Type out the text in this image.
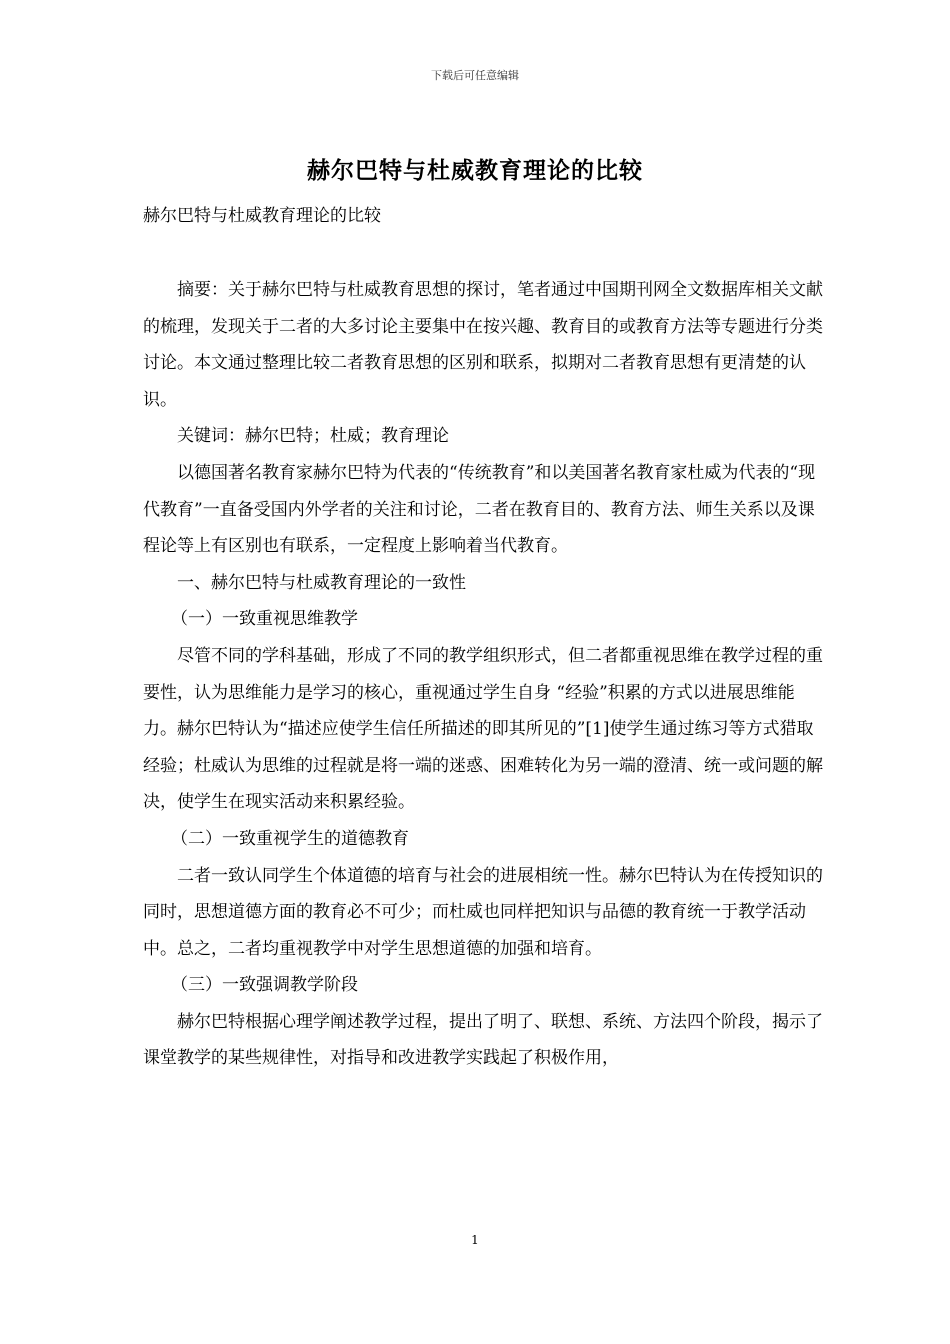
下载后可任意编辑
赫尔巴特与杜威教育理论的比较
赫尔巴特与杜威教育理论的比较

摘要：关于赫尔巴特与杜威教育思想的探讨，笔者通过中国期刊网全文数据库相关文献的梳理，发现关于二者的大多讨论主要集中在按兴趣、教育目的或教育方法等专题进行分类讨论。本文通过整理比较二者教育思想的区别和联系，拟期对二者教育思想有更清楚的认识。

关键词：赫尔巴特；杜威；教育理论

以德国著名教育家赫尔巴特为代表的“传统教育”和以美国著名教育家杜威为代表的“现代教育”一直备受国内外学者的关注和讨论，二者在教育目的、教育方法、师生关系以及课程论等上有区别也有联系，一定程度上影响着当代教育。

一、赫尔巴特与杜威教育理论的一致性

（一）一致重视思维教学

尽管不同的学科基础，形成了不同的教学组织形式，但二者都重视思维在教学过程的重要性，认为思维能力是学习的核心，重视通过学生自身 “经验”积累的方式以进展思维能力。赫尔巴特认为“描述应使学生信任所描述的即其所见的”[1]使学生通过练习等方式猎取经验；杜威认为思维的过程就是将一端的迷惑、困难转化为另一端的澄清、统一或问题的解决，使学生在现实活动来积累经验。

（二）一致重视学生的道德教育

二者一致认同学生个体道德的培育与社会的进展相统一性。赫尔巴特认为在传授知识的同时，思想道德方面的教育必不可少；而杜威也同样把知识与品德的教育统一于教学活动中。总之，二者均重视教学中对学生思想道德的加强和培育。

（三）一致强调教学阶段

赫尔巴特根据心理学阐述教学过程，提出了明了、联想、系统、方法四个阶段，揭示了课堂教学的某些规律性，对指导和改进教学实践起了积极作用，

1
